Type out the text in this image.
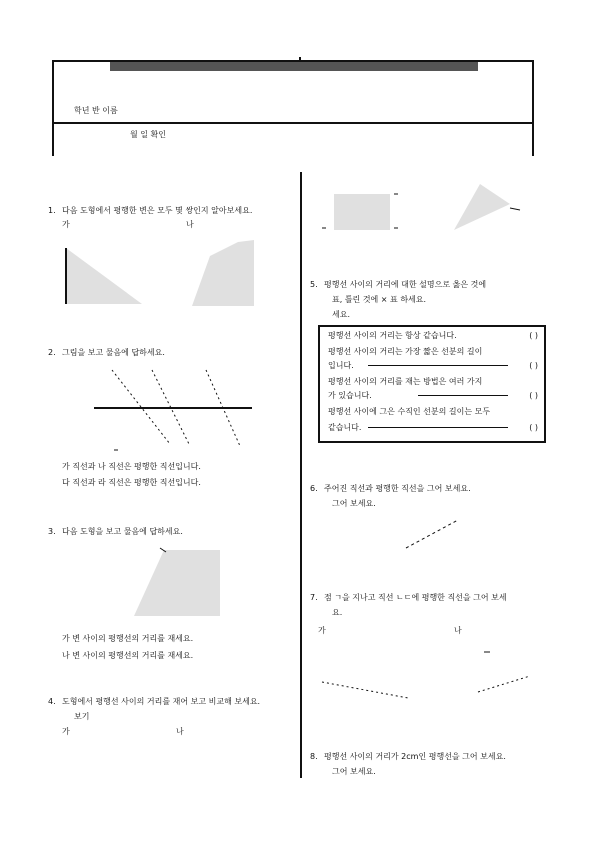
학년 반 이름
월 일 확인
1. 다음 도형에서 평행한 변은 모두 몇 쌍인지 알아보세요.
가	나
2. 그림을 보고 물음에 답하세요.
가 직선과 나 직선은 평행한 직선입니다.
다 직선과 라 직선은 평행한 직선입니다.
3. 다음 도형을 보고 물음에 답하세요.
가 변 사이의 평행선의 거리를 재세요.
나 변 사이의 평행선의 거리를 재세요.
4. 도형에서 평행선 사이의 거리를 재어 보고 비교해 보세요.
보기
가	나
5. 평행선 사이의 거리에 대한 설명으로 옳은 것에
표, 틀린 것에 × 표 하세요.
세요.
평행선 사이의 거리는 항상 같습니다.	( )
평행선 사이의 거리는 가장 짧은 선분의 길이
입니다.	( )
평행선 사이의 거리를 재는 방법은 여러 가지
가 있습니다.	( )
평행선 사이에 그은 수직인 선분의 길이는 모두
같습니다.	( )
6. 주어진 직선과 평행한 직선을 그어 보세요.
그어 보세요.
7. 점 ㄱ을 지나고 직선 ㄴㄷ에 평행한 직선을 그어 보세
요.
가	나
8. 평행선 사이의 거리가 2cm인 평행선을 그어 보세요.
그어 보세요.
